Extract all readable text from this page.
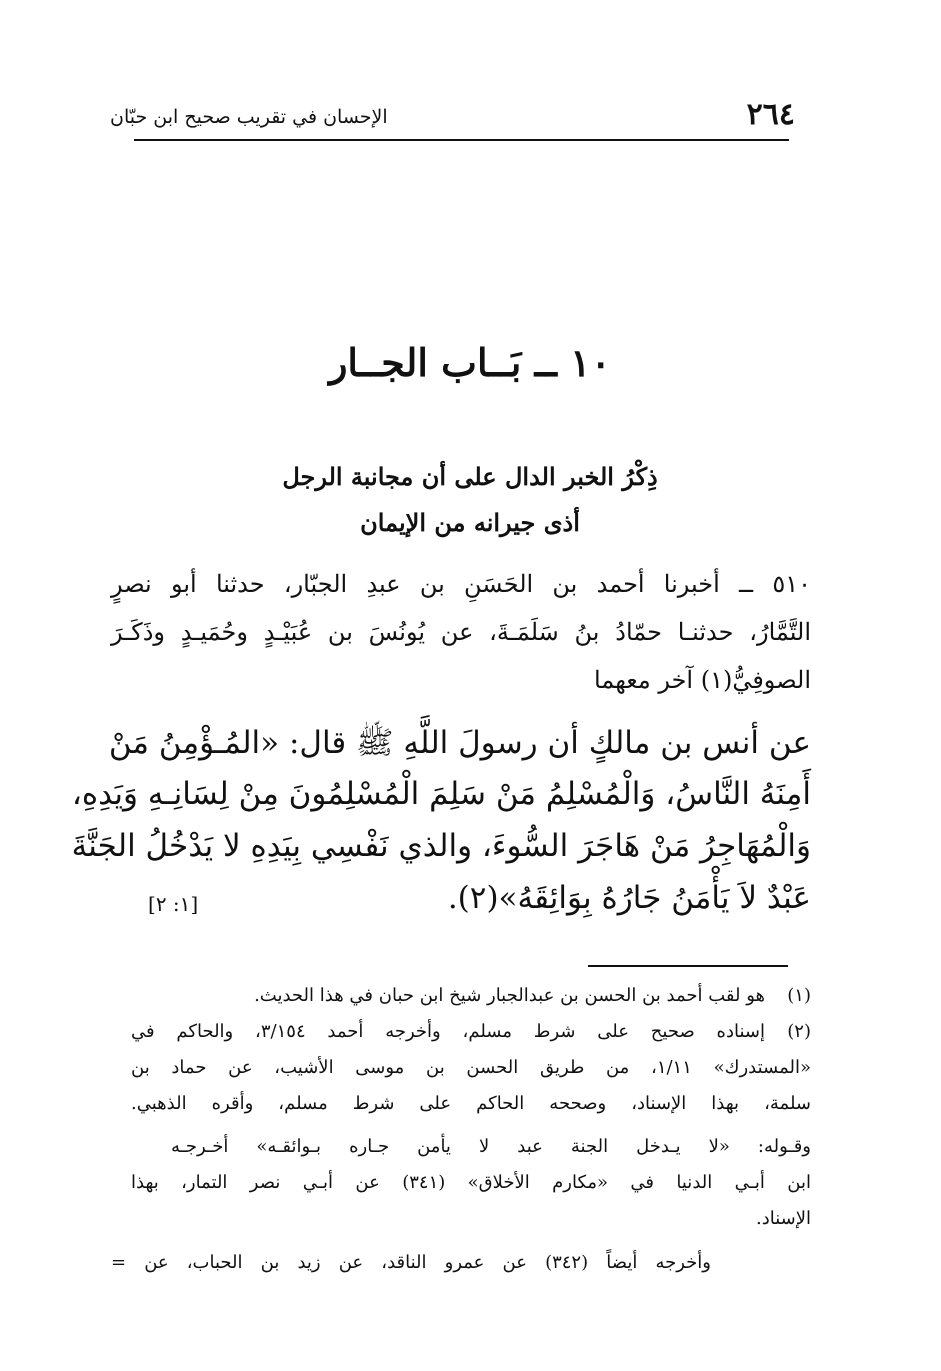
٢٦٤
الإحسان في تقريب صحيح ابن حبّان
١٠ ــ بَــاب الجــار
ذِكْرُ الخبر الدال على أن مجانبة الرجل
أذى جيرانه من الإيمان
٥١٠ ــ أخبرنا أحمد بن الحَسَنِ بن عبدِ الجبّار، حدثنا أبو نصرٍ
التَّمَّارُ، حدثنـا حمّادُ بنُ سَلَمَـةَ، عن يُونُسَ بن عُبَيْـدٍ وحُمَيـدٍ وذَكَـرَ
الصوفِيُّ(١) آخر معهما
عن أنس بن مالكٍ أن رسولَ اللَّهِ ﷺ قال: «المُـؤْمِنُ مَنْ
أَمِنَهُ النَّاسُ، وَالْمُسْلِمُ مَنْ سَلِمَ الْمُسْلِمُونَ مِنْ لِسَانِـهِ وَيَدِهِ،
وَالْمُهَاجِرُ مَنْ هَاجَرَ السُّوءَ، والذي نَفْسِي بِيَدِهِ لا يَدْخُلُ الجَنَّةَ
عَبْدٌ لاَ يَأْمَنُ جَارُهُ بِوَائِقَهُ»(٢).
[١: ٢]
(١)هو لقب أحمد بن الحسن بن عبدالجبار شيخ ابن حبان في هذا الحديث.
(٢)إسناده صحيح على شرط مسلم، وأخرجه أحمد ٣/١٥٤، والحاكم في
«المستدرك» ١/١١، من طريق الحسن بن موسى الأشيب، عن حماد بن
سلمة، بهذا الإسناد، وصححه الحاكم على شرط مسلم، وأقره الذهبي.
وقـوله: «لا يـدخل الجنة عبد لا يأمن جـاره بـوائقـه» أخـرجـه
ابن أبـي الدنيا في «مكارم الأخلاق» (٣٤١) عن أبـي نصر التمار، بهذا
الإسناد.
وأخرجه أيضاً (٣٤٢) عن عمرو الناقد، عن زيد بن الحباب، عن =
